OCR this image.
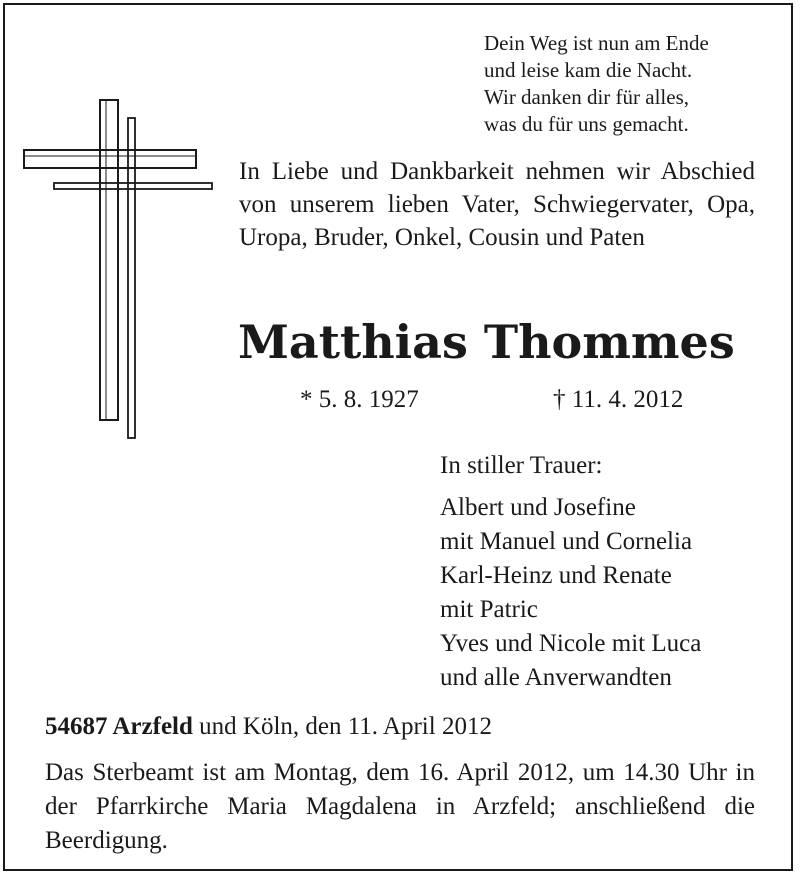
Dein Weg ist nun am Ende
und leise kam die Nacht.
Wir danken dir für alles,
was du für uns gemacht.
In Liebe und Dankbarkeit nehmen wir Abschied von unserem lieben Vater, Schwiegervater, Opa, Uropa, Bruder, Onkel, Cousin und Paten
Matthias Thommes
* 5. 8. 1927	† 11. 4. 2012
In stiller Trauer:
Albert und Josefine
mit Manuel und Cornelia
Karl-Heinz und Renate
mit Patric
Yves und Nicole mit Luca
und alle Anverwandten
54687 Arzfeld und Köln, den 11. April 2012
Das Sterbeamt ist am Montag, dem 16. April 2012, um 14.30 Uhr in der Pfarrkirche Maria Magdalena in Arzfeld; anschließend die Beerdigung.
